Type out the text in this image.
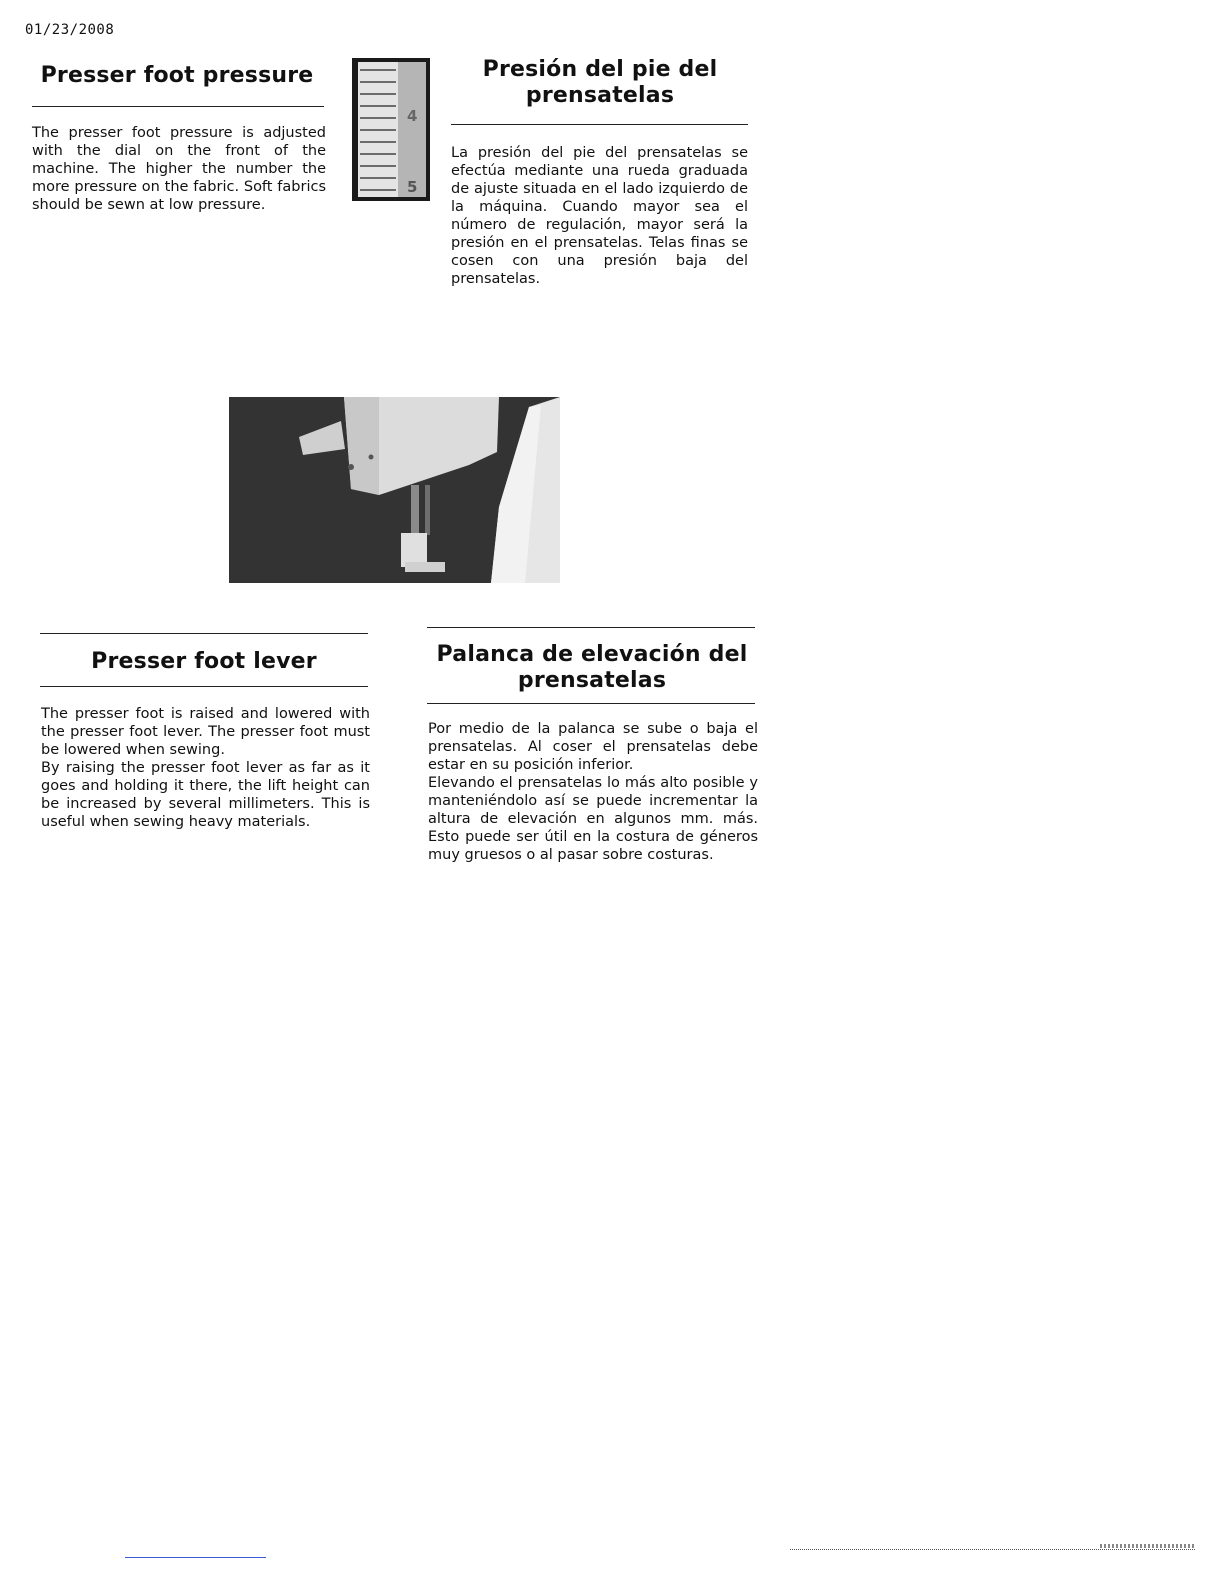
01/23/2008
Presser foot pressure

The presser foot pressure is adjusted with the dial on the front of the machine. The higher the number the more pressure on the fabric. Soft fabrics should be sewn at low pressure.

4
5
Presión del pie del
prensatelas

La presión del pie del prensatelas se efectúa mediante una rueda graduada de ajuste situada en el lado izquierdo de la máquina. Cuando mayor sea el número de regulación, mayor será la presión en el prensatelas. Telas finas se cosen con una presión baja del prensatelas.

Presser foot lever

The presser foot is raised and lowered with the presser foot lever. The presser foot must be lowered when sewing.

By raising the presser foot lever as far as it goes and holding it there, the lift height can be increased by several millimeters. This is useful when sewing heavy materials.

Palanca de elevación del
prensatelas

Por medio de la palanca se sube o baja el prensatelas. Al coser el prensatelas debe estar en su posición inferior.

Elevando el prensatelas lo más alto posible y manteniéndolo así se puede incrementar la altura de elevación en algunos mm. más. Esto puede ser útil en la costura de géneros muy gruesos o al pasar sobre costuras.
